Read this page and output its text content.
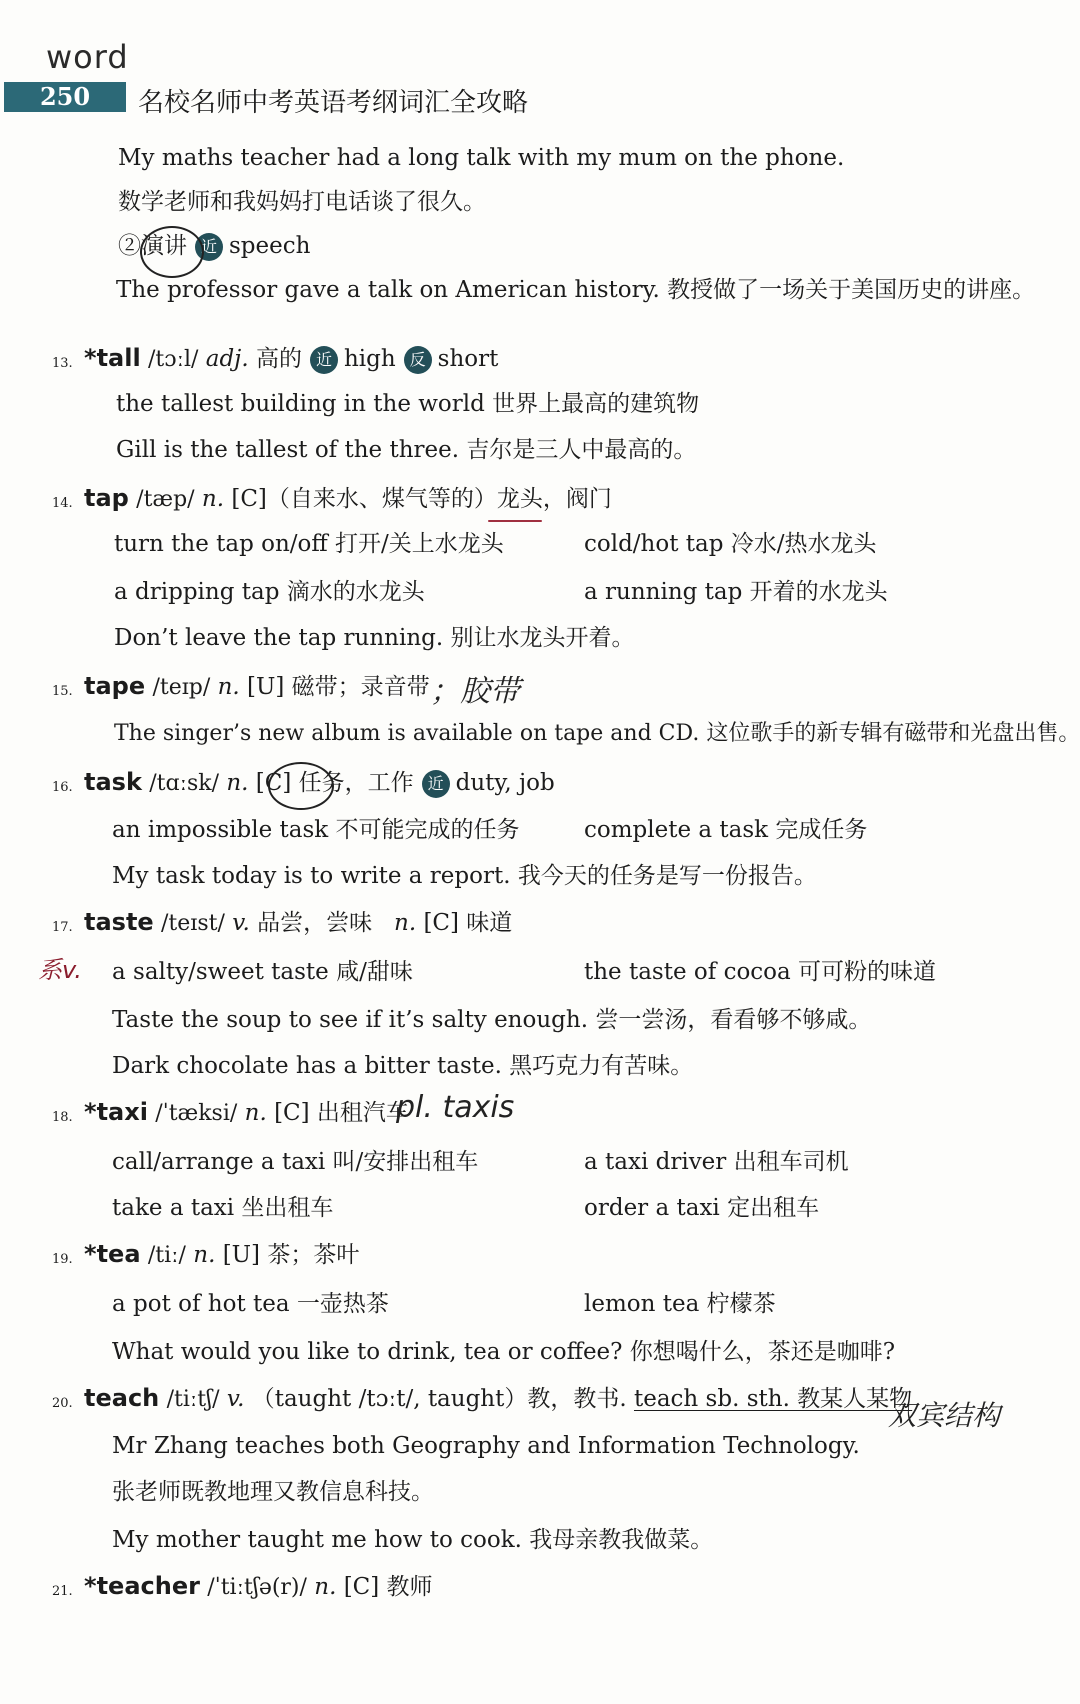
word
250	名校名师中考英语考纲词汇全攻略
My maths teacher had a long talk with my mum on the phone.
数学老师和我妈妈打电话谈了很久。
②演讲 近 speech
The professor gave a talk on American history. 教授做了一场关于美国历史的讲座。
13. *tall /tɔːl/ adj. 高的 近 high 反 short
the tallest building in the world 世界上最高的建筑物
Gill is the tallest of the three. 吉尔是三人中最高的。
14. tap /tæp/ n. [C]（自来水、煤气等的）龙头，阀门
turn the tap on/off 打开/关上水龙头	cold/hot tap 冷水/热水龙头
a dripping tap 滴水的水龙头	a running tap 开着的水龙头
Don’t leave the tap running. 别让水龙头开着。
15. tape /teɪp/ n. [U] 磁带；录音带 ；胶带
The singer’s new album is available on tape and CD. 这位歌手的新专辑有磁带和光盘出售。
16. task /tɑːsk/ n. [C] 任务，工作 近 duty, job
an impossible task 不可能完成的任务	complete a task 完成任务
My task today is to write a report. 我今天的任务是写一份报告。
17. taste /teɪst/ v. 品尝，尝味 n. [C] 味道
系v. a salty/sweet taste 咸/甜味	the taste of cocoa 可可粉的味道
Taste the soup to see if it’s salty enough. 尝一尝汤，看看够不够咸。
Dark chocolate has a bitter taste. 黑巧克力有苦味。
18. *taxi /ˈtæksi/ n. [C] 出租汽车
pl. taxis
call/arrange a taxi 叫/安排出租车	a taxi driver 出租车司机
take a taxi 坐出租车	order a taxi 定出租车
19. *tea /tiː/ n. [U] 茶；茶叶
a pot of hot tea 一壶热茶	lemon tea 柠檬茶
What would you like to drink, tea or coffee? 你想喝什么，茶还是咖啡?
20. teach /tiːtʃ/ v. （taught /tɔːt/, taught）教，教书. teach sb. sth. 教某人某物
双宾结构
Mr Zhang teaches both Geography and Information Technology.
张老师既教地理又教信息科技。
My mother taught me how to cook. 我母亲教我做菜。
21. *teacher /ˈtiːtʃə(r)/ n. [C] 教师
